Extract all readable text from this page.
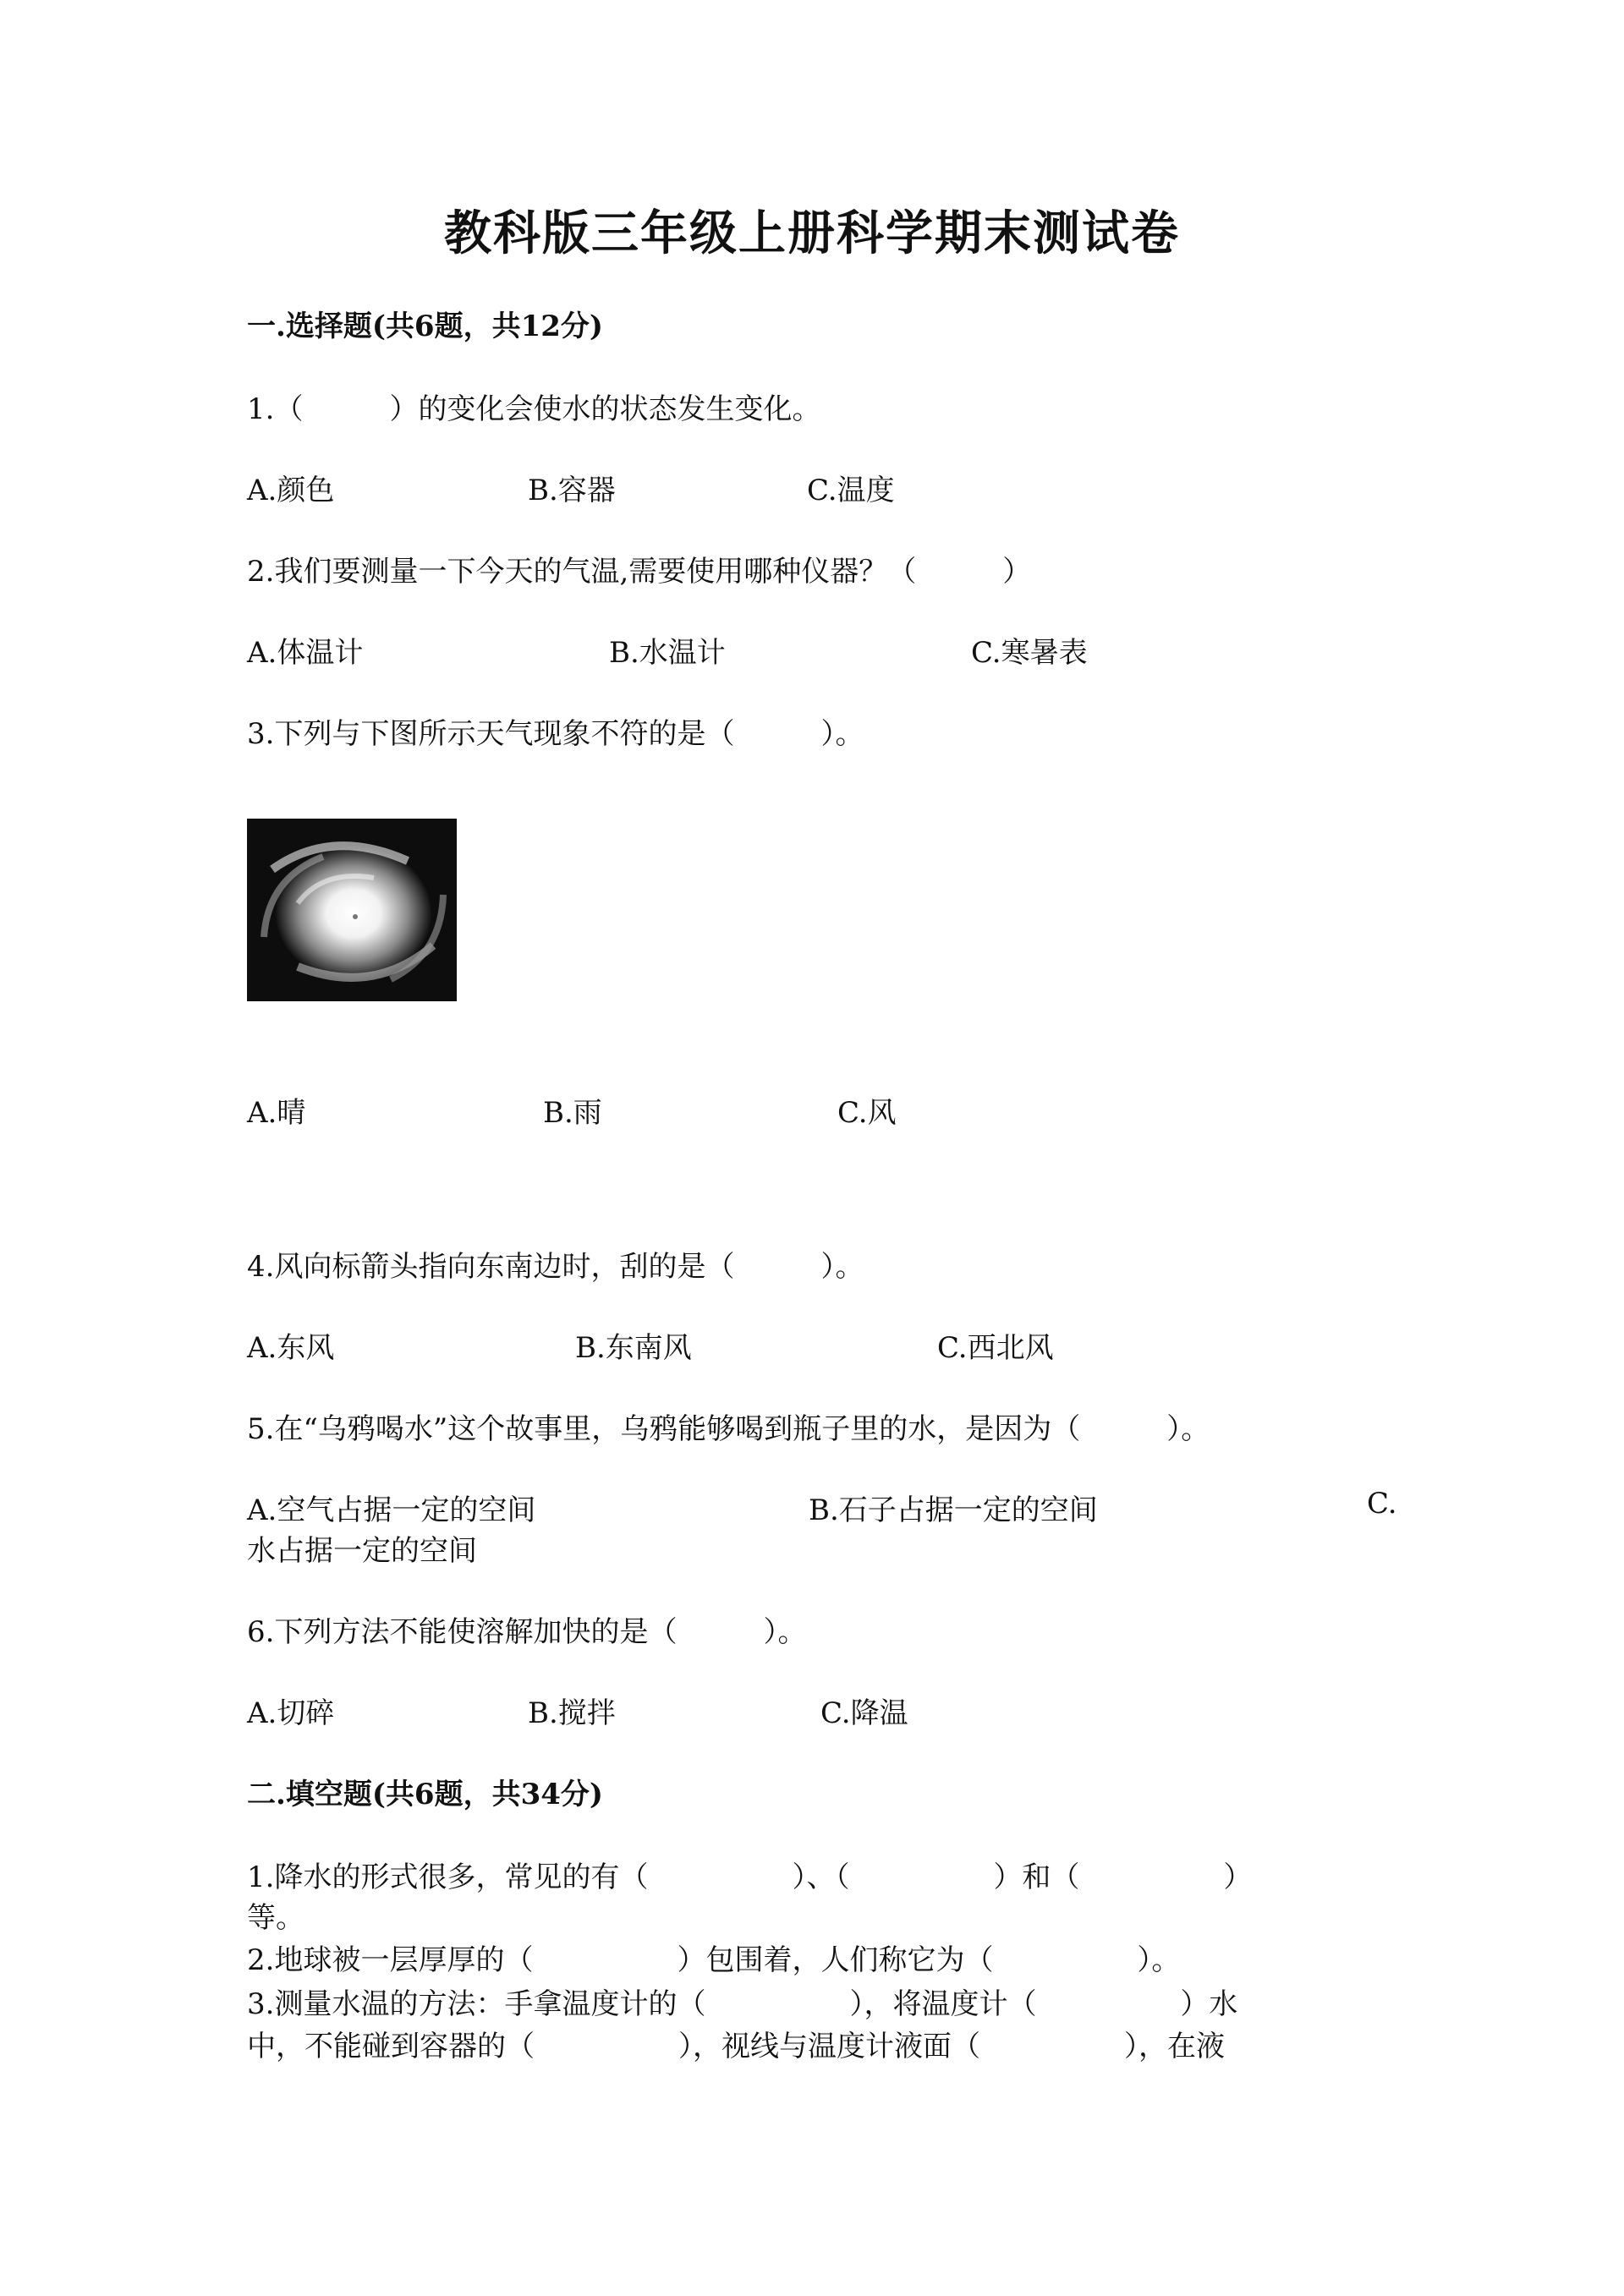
教科版三年级上册科学期末测试卷
一.选择题(共6题，共12分)
1.（　　　）的变化会使水的状态发生变化。
A.颜色	B.容器	C.温度
2.我们要测量一下今天的气温,需要使用哪种仪器？（　　　）
A.体温计	B.水温计	C.寒暑表
3.下列与下图所示天气现象不符的是（　　　）。
A.晴	B.雨	C.风
4.风向标箭头指向东南边时，刮的是（　　　）。
A.东风	B.东南风	C.西北风
5.在“乌鸦喝水”这个故事里，乌鸦能够喝到瓶子里的水，是因为（　　　）。
A.空气占据一定的空间	B.石子占据一定的空间	C.
水占据一定的空间
6.下列方法不能使溶解加快的是（　　　）。
A.切碎	B.搅拌	C.降温
二.填空题(共6题，共34分)
1.降水的形式很多，常见的有（　　　　　）、（　　　　　）和（　　　　　）
等。
2.地球被一层厚厚的（　　　　　）包围着，人们称它为（　　　　　）。
3.测量水温的方法：手拿温度计的（　　　　　），将温度计（　　　　　）水
中，不能碰到容器的（　　　　　），视线与温度计液面（　　　　　），在液
